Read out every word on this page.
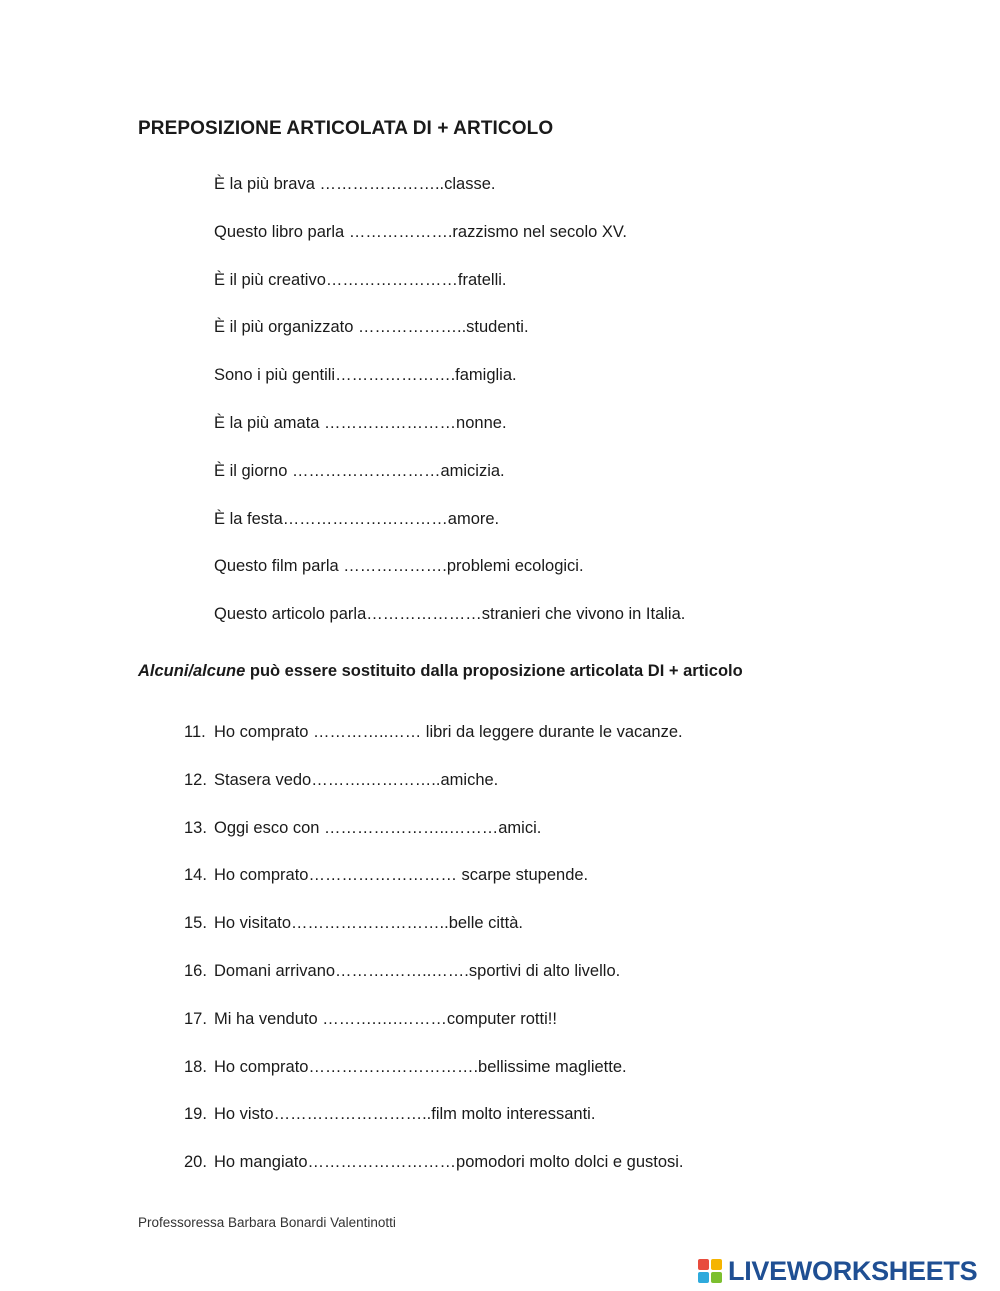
PREPOSIZIONE ARTICOLATA DI + ARTICOLO
È la più brava …………………..classe.
Questo libro parla ……………….razzismo nel secolo XV.
È il più creativo……………………fratelli.
È il più organizzato ………………..studenti.
Sono i più gentili………………….famiglia.
È la più amata ……………………nonne.
È il giorno ………………………amicizia.
È la festa…………………………amore.
Questo film parla ……………….problemi ecologici.
Questo articolo parla…………………stranieri che vivono in Italia.
Alcuni/alcune può essere sostituito dalla proposizione articolata DI + articolo
11. Ho comprato …………..…… libri da leggere durante le vacanze.
12. Stasera vedo……….…………..amiche.
13. Oggi esco con …………………..………amici.
14. Ho comprato……………………… scarpe stupende.
15. Ho visitato………………………..belle città.
16. Domani arrivano……….……..…….sportivi di alto livello.
17. Mi ha venduto ……….….………computer rotti!!
18. Ho comprato………………………….bellissime magliette.
19. Ho visto………………………..film molto interessanti.
20. Ho mangiato………………………pomodori molto dolci e gustosi.
Professoressa Barbara Bonardi Valentinotti
LIVEWORKSHEETS
